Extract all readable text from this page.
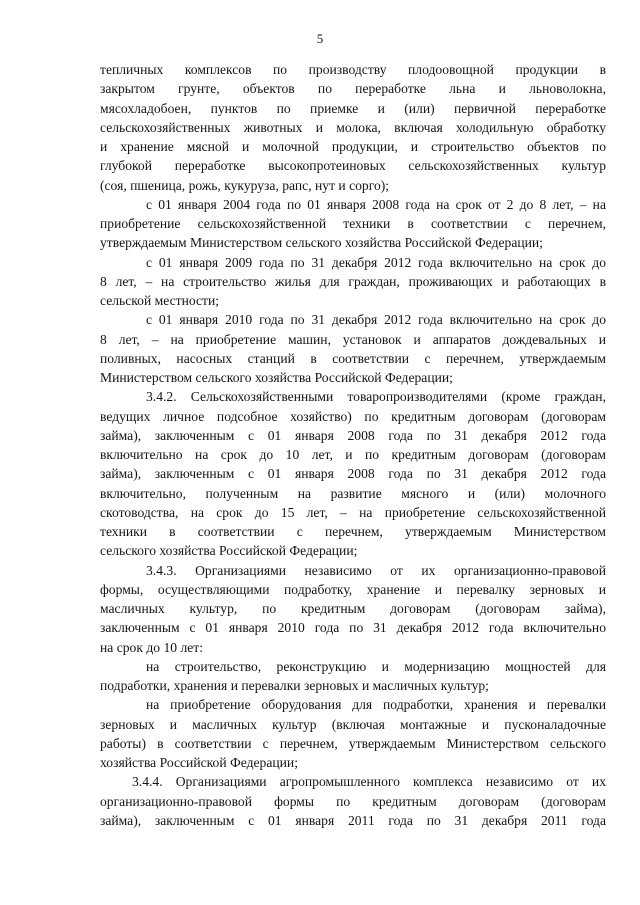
5
тепличных комплексов по производству плодоовощной продукции в
закрытом грунте, объектов по переработке льна и льноволокна,
мясохладобоен, пунктов по приемке и (или) первичной переработке
сельскохозяйственных животных и молока, включая холодильную обработку
и хранение мясной и молочной продукции, и строительство объектов по
глубокой переработке высокопротеиновых сельскохозяйственных культур
(соя, пшеница, рожь, кукуруза, рапс, нут и сорго);
с 01 января 2004 года по 01 января 2008 года на срок от 2 до 8 лет, – на
приобретение сельскохозяйственной техники в соответствии с перечнем,
утверждаемым Министерством сельского хозяйства Российской Федерации;
с 01 января 2009 года по 31 декабря 2012 года включительно на срок до
8 лет, – на строительство жилья для граждан, проживающих и работающих в
сельской местности;
с 01 января 2010 года по 31 декабря 2012 года включительно на срок до
8 лет, – на приобретение машин, установок и аппаратов дождевальных и
поливных, насосных станций в соответствии с перечнем, утверждаемым
Министерством сельского хозяйства Российской Федерации;
3.4.2. Сельскохозяйственными товаропроизводителями (кроме граждан,
ведущих личное подсобное хозяйство) по кредитным договорам (договорам
займа), заключенным с 01 января 2008 года по 31 декабря 2012 года
включительно на срок до 10 лет, и по кредитным договорам (договорам
займа), заключенным с 01 января 2008 года по 31 декабря 2012 года
включительно, полученным на развитие мясного и (или) молочного
скотоводства, на срок до 15 лет, – на приобретение сельскохозяйственной
техники в соответствии с перечнем, утверждаемым Министерством
сельского хозяйства Российской Федерации;
3.4.3. Организациями независимо от их организационно-правовой
формы, осуществляющими подработку, хранение и перевалку зерновых и
масличных культур, по кредитным договорам (договорам займа),
заключенным с 01 января 2010 года по 31 декабря 2012 года включительно
на срок до 10 лет:
на строительство, реконструкцию и модернизацию мощностей для
подработки, хранения и перевалки зерновых и масличных культур;
на приобретение оборудования для подработки, хранения и перевалки
зерновых и масличных культур (включая монтажные и пусконаладочные
работы) в соответствии с перечнем, утверждаемым Министерством сельского
хозяйства Российской Федерации;
3.4.4. Организациями агропромышленного комплекса независимо от их
организационно-правовой формы по кредитным договорам (договорам
займа), заключенным с 01 января 2011 года по 31 декабря 2011 года
